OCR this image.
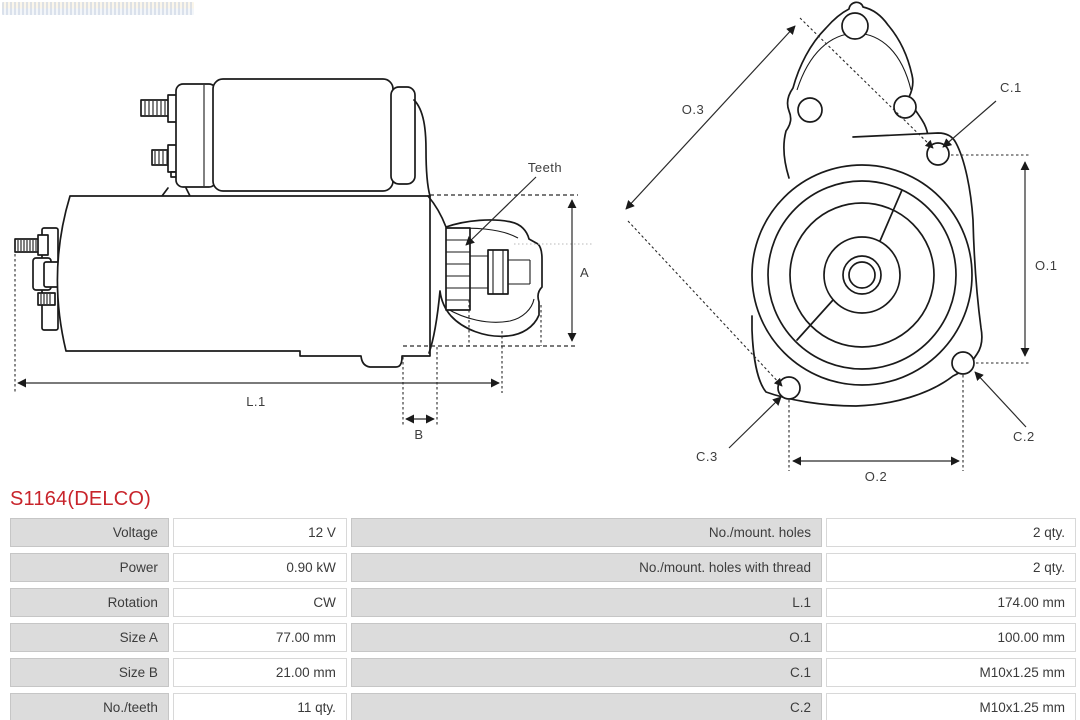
A
L.1
B
Teeth
O.3
C.1
O.1
C.2
C.3
O.2
S1164(DELCO)
Voltage	12 V	No./mount. holes	2 qty.
Power	0.90 kW	No./mount. holes with thread	2 qty.
Rotation	CW	L.1	174.00 mm
Size A	77.00 mm	O.1	100.00 mm
Size B	21.00 mm	C.1	M10x1.25 mm
No./teeth	11 qty.	C.2	M10x1.25 mm
